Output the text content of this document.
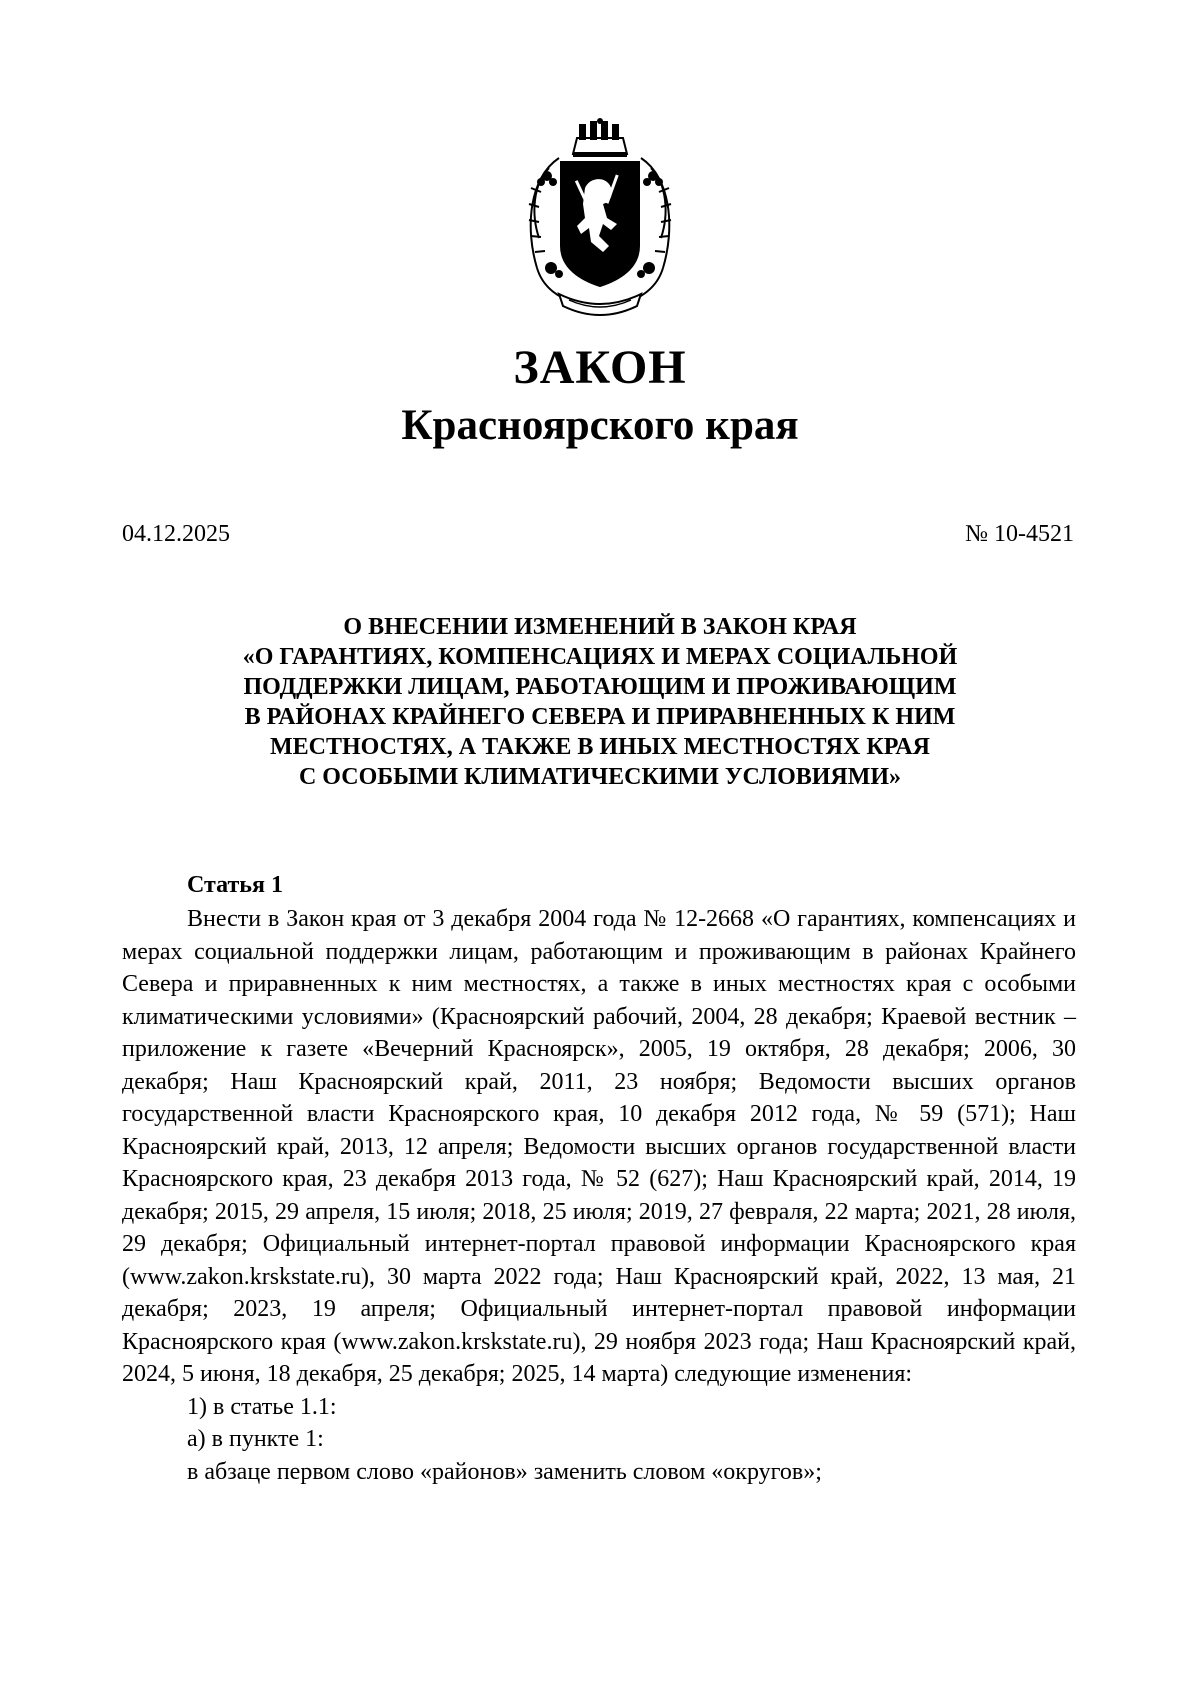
ЗАКОН
Красноярского края
04.12.2025	№ 10-4521
О ВНЕСЕНИИ ИЗМЕНЕНИЙ В ЗАКОН КРАЯ
«О ГАРАНТИЯХ, КОМПЕНСАЦИЯХ И МЕРАХ СОЦИАЛЬНОЙ
ПОДДЕРЖКИ ЛИЦАМ, РАБОТАЮЩИМ И ПРОЖИВАЮЩИМ
В РАЙОНАХ КРАЙНЕГО СЕВЕРА И ПРИРАВНЕННЫХ К НИМ
МЕСТНОСТЯХ, А ТАКЖЕ В ИНЫХ МЕСТНОСТЯХ КРАЯ
С ОСОБЫМИ КЛИМАТИЧЕСКИМИ УСЛОВИЯМИ»
Статья 1

Внести в Закон края от 3 декабря 2004 года № 12-2668 «О гарантиях, компенсациях и мерах социальной поддержки лицам, работающим и проживающим в районах Крайнего Севера и приравненных к ним местностях, а также в иных местностях края с особыми климатическими условиями» (Красноярский рабочий, 2004, 28 декабря; Краевой вестник – приложение к газете «Вечерний Красноярск», 2005, 19 октября, 28 декабря; 2006, 30 декабря; Наш Красноярский край, 2011, 23 ноября; Ведомости высших органов государственной власти Красноярского края, 10 декабря 2012 года, № 59 (571); Наш Красноярский край, 2013, 12 апреля; Ведомости высших органов государственной власти Красноярского края, 23 декабря 2013 года, № 52 (627); Наш Красноярский край, 2014, 19 декабря; 2015, 29 апреля, 15 июля; 2018, 25 июля; 2019, 27 февраля, 22 марта; 2021, 28 июля, 29 декабря; Официальный интернет-портал правовой информации Красноярского края (www.zakon.krskstate.ru), 30 марта 2022 года; Наш Красноярский край, 2022, 13 мая, 21 декабря; 2023, 19 апреля; Официальный интернет-портал правовой информации Красноярского края (www.zakon.krskstate.ru), 29 ноября 2023 года; Наш Красноярский край, 2024, 5 июня, 18 декабря, 25 декабря; 2025, 14 марта) следующие изменения:

1) в статье 1.1:

а) в пункте 1:

в абзаце первом слово «районов» заменить словом «округов»;
